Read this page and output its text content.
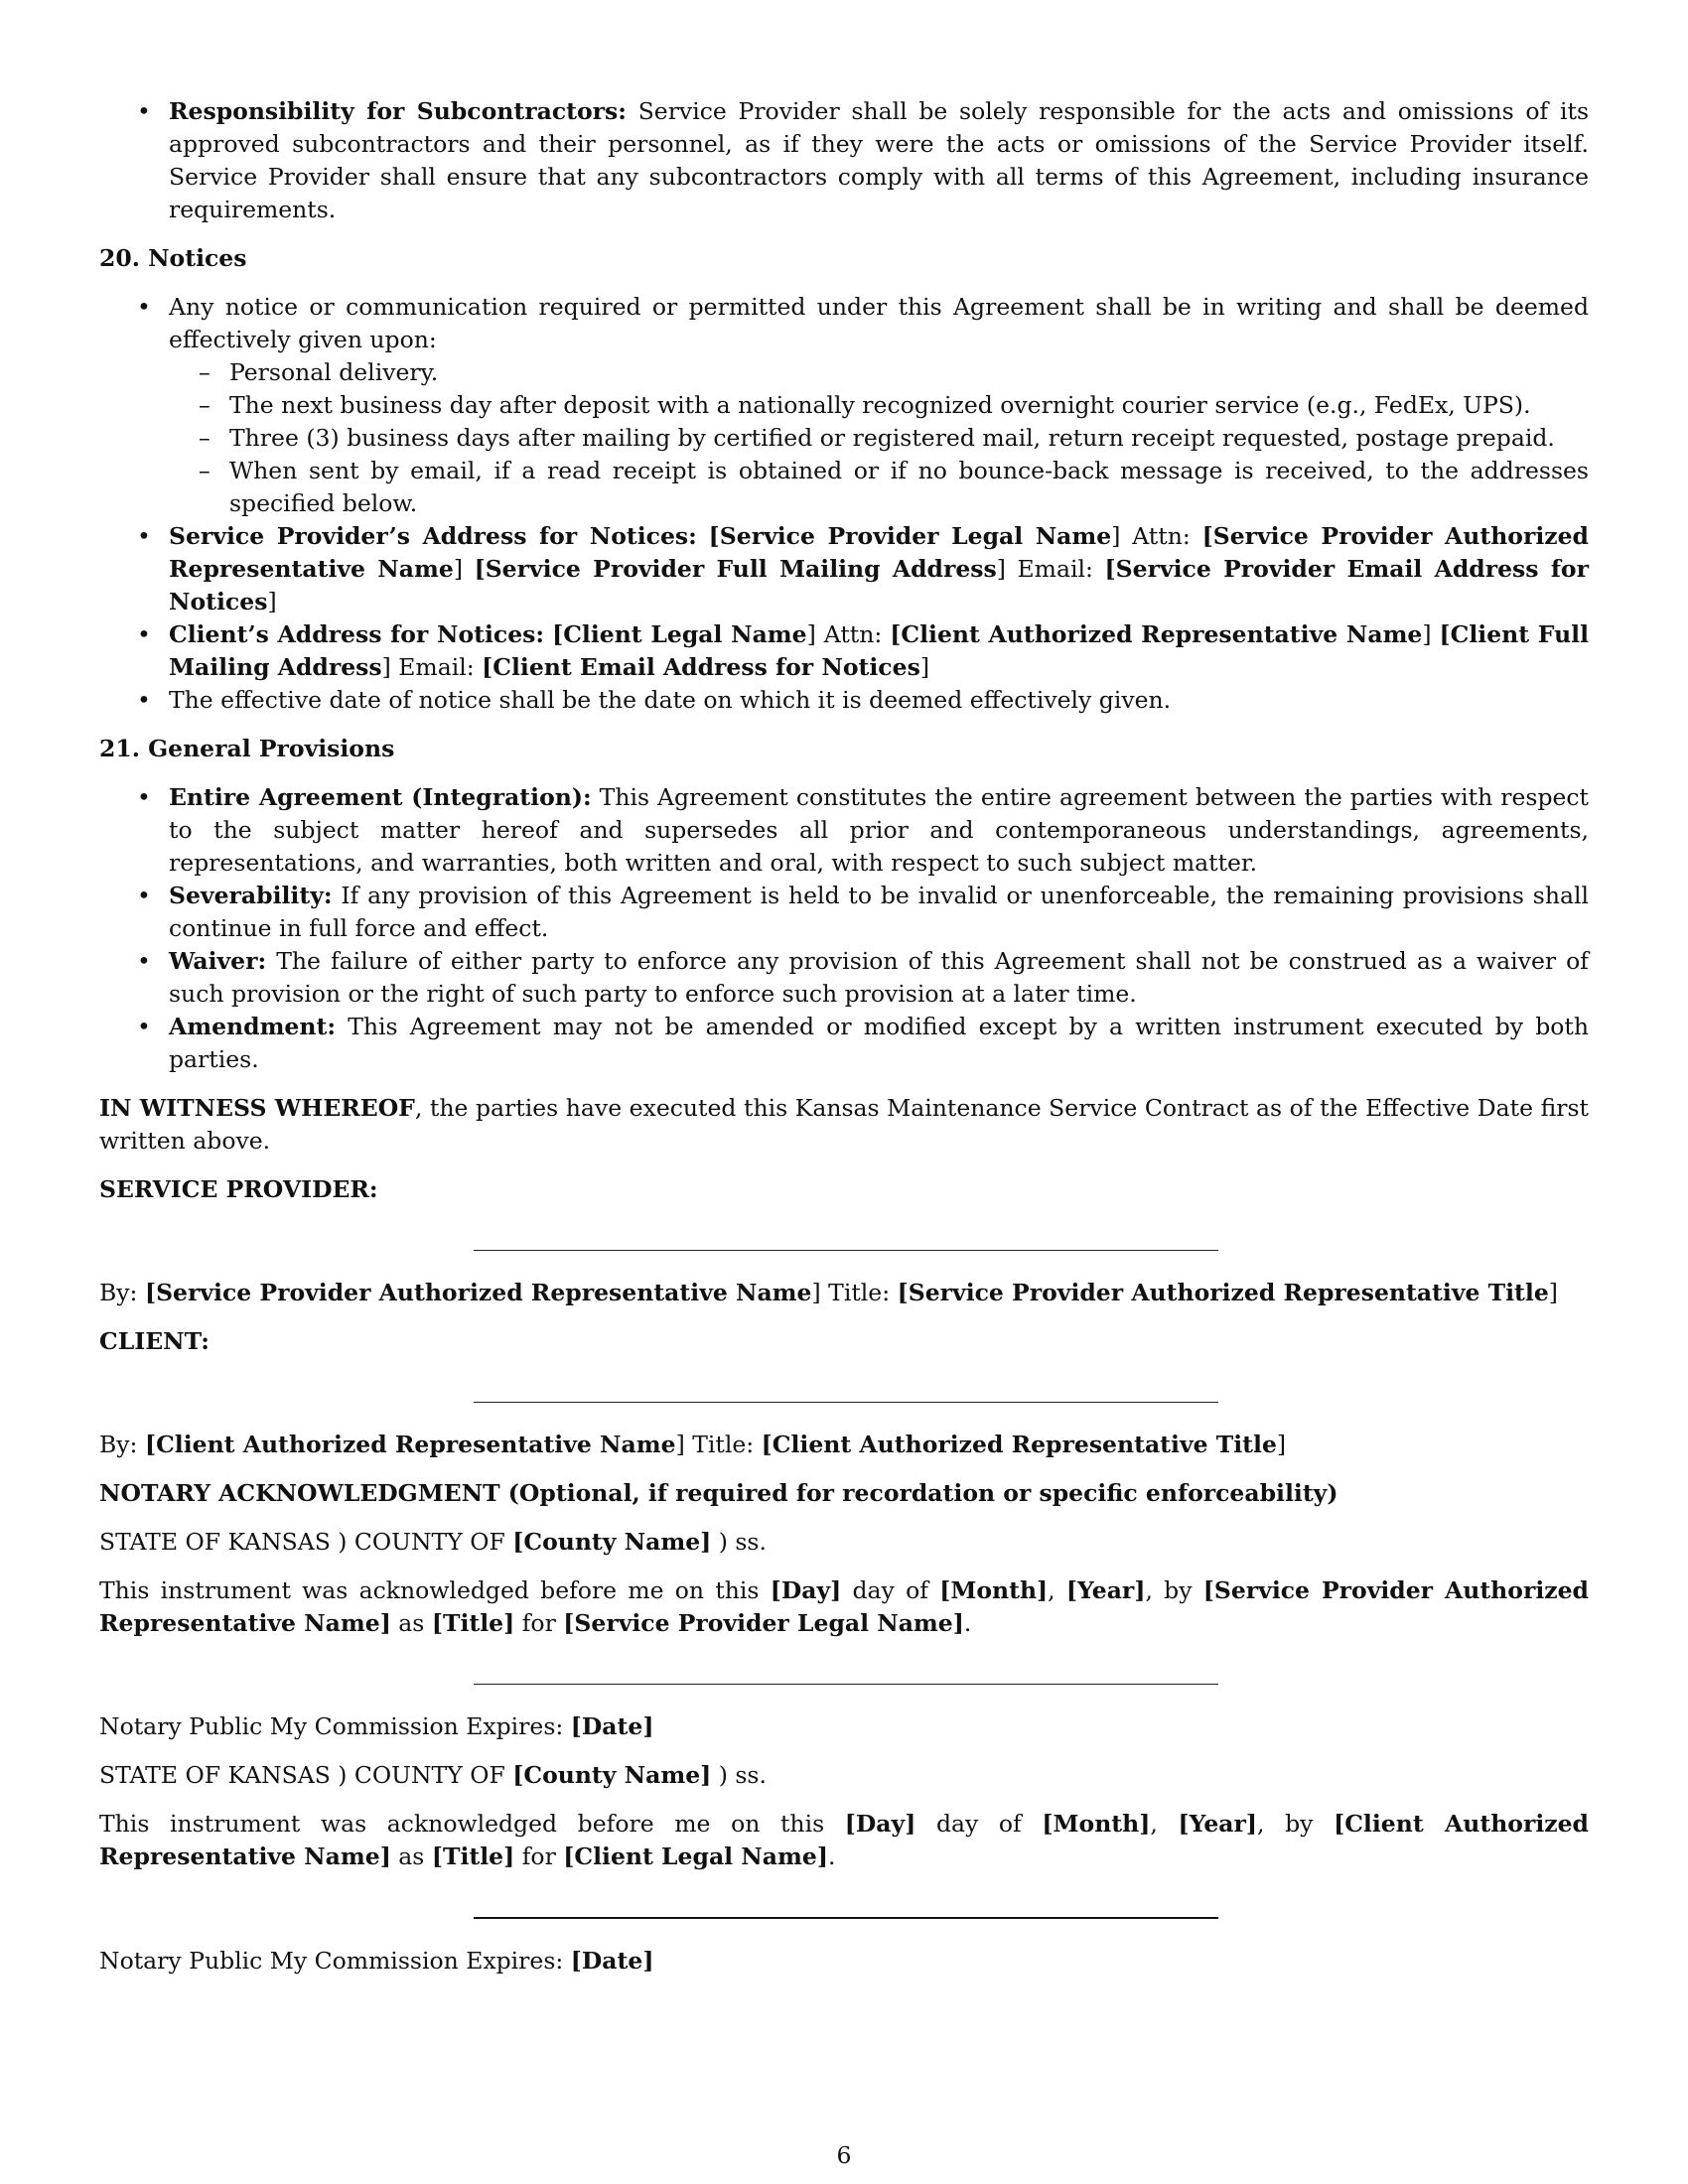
• Responsibility for Subcontractors: Service Provider shall be solely responsible for the acts and omissions of its approved subcontractors and their personnel, as if they were the acts or omissions of the Service Provider itself. Service Provider shall ensure that any subcontractors comply with all terms of this Agreement, including insurance requirements.

20. Notices

• Any notice or communication required or permitted under this Agreement shall be in writing and shall be deemed effectively given upon:
– Personal delivery.
– The next business day after deposit with a nationally recognized overnight courier service (e.g., FedEx, UPS).
– Three (3) business days after mailing by certified or registered mail, return receipt requested, postage prepaid.
– When sent by email, if a read receipt is obtained or if no bounce-back message is received, to the addresses specified below.
• Service Provider’s Address for Notices: [Service Provider Legal Name] Attn: [Service Provider Authorized Representative Name] [Service Provider Full Mailing Address] Email: [Service Provider Email Address for Notices]
• Client’s Address for Notices: [Client Legal Name] Attn: [Client Authorized Representative Name] [Client Full Mailing Address] Email: [Client Email Address for Notices]
• The effective date of notice shall be the date on which it is deemed effectively given.

21. General Provisions

• Entire Agreement (Integration): This Agreement constitutes the entire agreement between the parties with respect to the subject matter hereof and supersedes all prior and contemporaneous understandings, agreements, representations, and warranties, both written and oral, with respect to such subject matter.
• Severability: If any provision of this Agreement is held to be invalid or unenforceable, the remaining provisions shall continue in full force and effect.
• Waiver: The failure of either party to enforce any provision of this Agreement shall not be construed as a waiver of such provision or the right of such party to enforce such provision at a later time.
• Amendment: This Agreement may not be amended or modified except by a written instrument executed by both parties.

IN WITNESS WHEREOF, the parties have executed this Kansas Maintenance Service Contract as of the Effective Date first written above.

SERVICE PROVIDER:

By: [Service Provider Authorized Representative Name] Title: [Service Provider Authorized Representative Title]

CLIENT:

By: [Client Authorized Representative Name] Title: [Client Authorized Representative Title]

NOTARY ACKNOWLEDGMENT (Optional, if required for recordation or specific enforceability)

STATE OF KANSAS ) COUNTY OF [County Name] ) ss.

This instrument was acknowledged before me on this [Day] day of [Month], [Year], by [Service Provider Authorized Representative Name] as [Title] for [Service Provider Legal Name].

Notary Public My Commission Expires: [Date]

STATE OF KANSAS ) COUNTY OF [County Name] ) ss.

This instrument was acknowledged before me on this [Day] day of [Month], [Year], by [Client Authorized Representative Name] as [Title] for [Client Legal Name].

Notary Public My Commission Expires: [Date]

6
